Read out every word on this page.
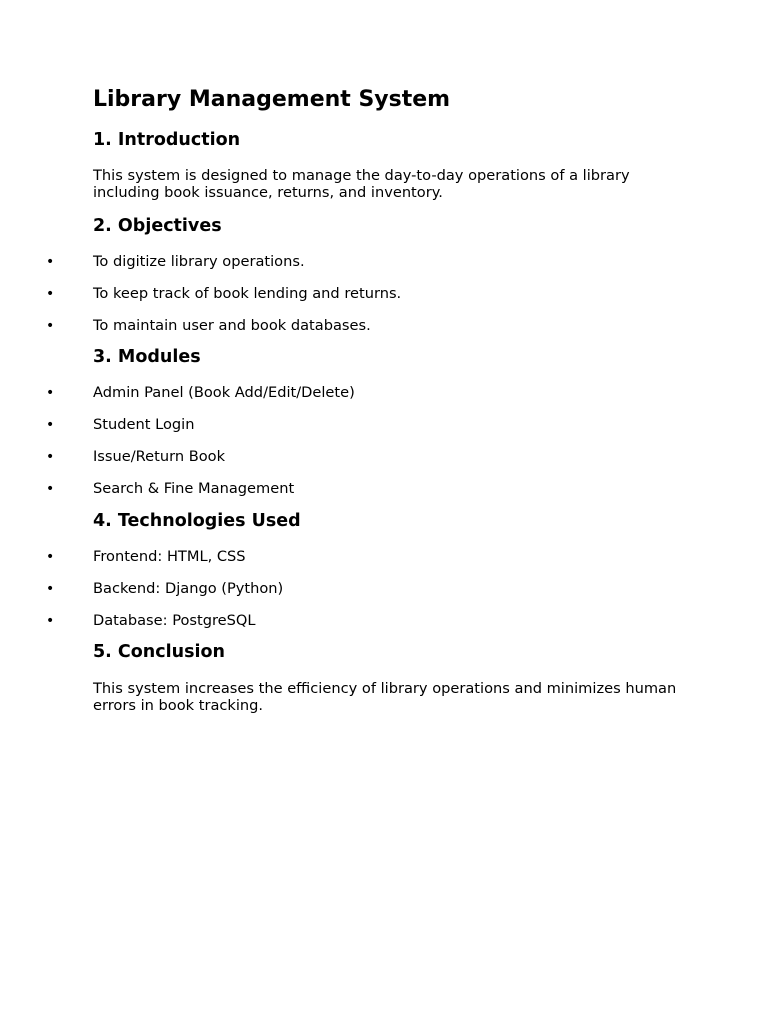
Library Management System
1. Introduction

This system is designed to manage the day-to-day operations of a library including book issuance, returns, and inventory.

2. Objectives
•	To digitize library operations.
•	To keep track of book lending and returns.
•	To maintain user and book databases.
3. Modules
•	Admin Panel (Book Add/Edit/Delete)
•	Student Login
•	Issue/Return Book
•	Search & Fine Management
4. Technologies Used
•	Frontend: HTML, CSS
•	Backend: Django (Python)
•	Database: PostgreSQL
5. Conclusion

This system increases the efficiency of library operations and minimizes human errors in book tracking.
